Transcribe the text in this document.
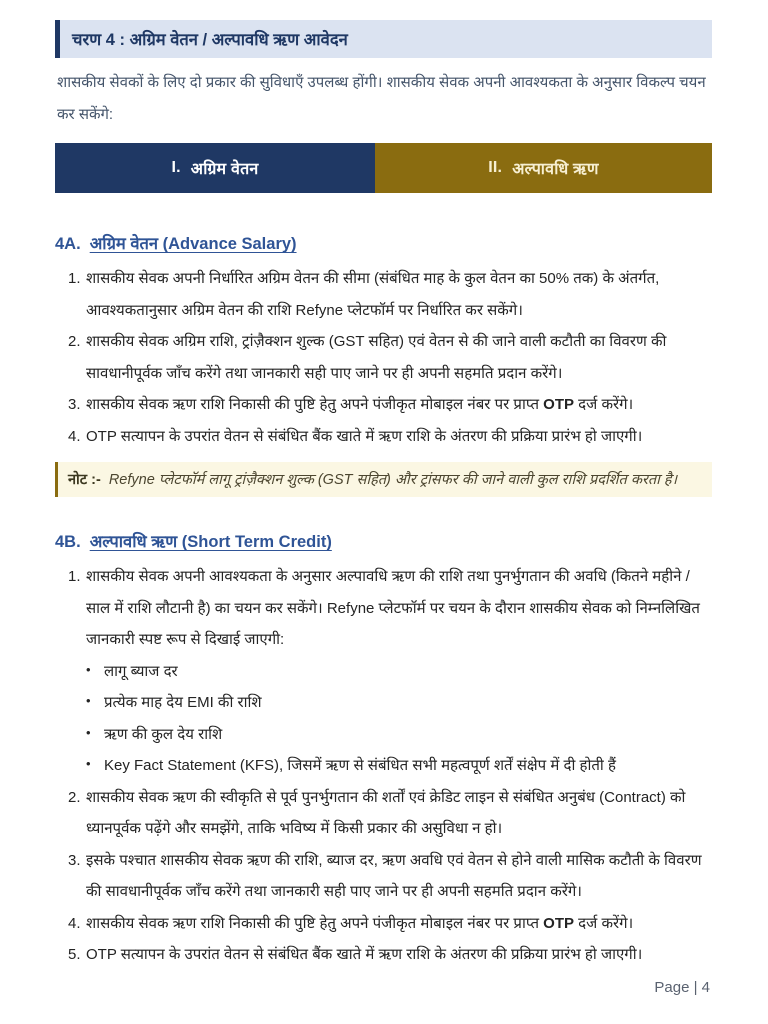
चरण 4 : अग्रिम वेतन / अल्पावधि ऋण आवेदन

शासकीय सेवकों के लिए दो प्रकार की सुविधाएँ उपलब्ध होंगी। शासकीय सेवक अपनी आवश्यकता के अनुसार विकल्प चयन कर सकेंगे:

I. अग्रिम वेतन	II. अल्पावधि ऋण
4A. अग्रिम वेतन (Advance Salary)
1. शासकीय सेवक अपनी निर्धारित अग्रिम वेतन की सीमा (संबंधित माह के कुल वेतन का 50% तक) के अंतर्गत, आवश्यकतानुसार अग्रिम वेतन की राशि Refyne प्लेटफॉर्म पर निर्धारित कर सकेंगे।
2. शासकीय सेवक अग्रिम राशि, ट्रांज़ैक्शन शुल्क (GST सहित) एवं वेतन से की जाने वाली कटौती का विवरण की सावधानीपूर्वक जाँच करेंगे तथा जानकारी सही पाए जाने पर ही अपनी सहमति प्रदान करेंगे।
3. शासकीय सेवक ऋण राशि निकासी की पुष्टि हेतु अपने पंजीकृत मोबाइल नंबर पर प्राप्त OTP दर्ज करेंगे।
4. OTP सत्यापन के उपरांत वेतन से संबंधित बैंक खाते में ऋण राशि के अंतरण की प्रक्रिया प्रारंभ हो जाएगी।
नोट :- Refyne प्लेटफॉर्म लागू ट्रांज़ैक्शन शुल्क (GST सहित) और ट्रांसफर की जाने वाली कुल राशि प्रदर्शित करता है।
4B. अल्पावधि ऋण (Short Term Credit)
1. शासकीय सेवक अपनी आवश्यकता के अनुसार अल्पावधि ऋण की राशि तथा पुनर्भुगतान की अवधि (कितने महीने / साल में राशि लौटानी है) का चयन कर सकेंगे। Refyne प्लेटफॉर्म पर चयन के दौरान शासकीय सेवक को निम्नलिखित जानकारी स्पष्ट रूप से दिखाई जाएगी:
• लागू ब्याज दर
• प्रत्येक माह देय EMI की राशि
• ऋण की कुल देय राशि
• Key Fact Statement (KFS), जिसमें ऋण से संबंधित सभी महत्वपूर्ण शर्तें संक्षेप में दी होती हैं
2. शासकीय सेवक ऋण की स्वीकृति से पूर्व पुनर्भुगतान की शर्तों एवं क्रेडिट लाइन से संबंधित अनुबंध (Contract) को ध्यानपूर्वक पढ़ेंगे और समझेंगे, ताकि भविष्य में किसी प्रकार की असुविधा न हो।
3. इसके पश्चात शासकीय सेवक ऋण की राशि, ब्याज दर, ऋण अवधि एवं वेतन से होने वाली मासिक कटौती के विवरण की सावधानीपूर्वक जाँच करेंगे तथा जानकारी सही पाए जाने पर ही अपनी सहमति प्रदान करेंगे।
4. शासकीय सेवक ऋण राशि निकासी की पुष्टि हेतु अपने पंजीकृत मोबाइल नंबर पर प्राप्त OTP दर्ज करेंगे।
5. OTP सत्यापन के उपरांत वेतन से संबंधित बैंक खाते में ऋण राशि के अंतरण की प्रक्रिया प्रारंभ हो जाएगी।
Page | 4
